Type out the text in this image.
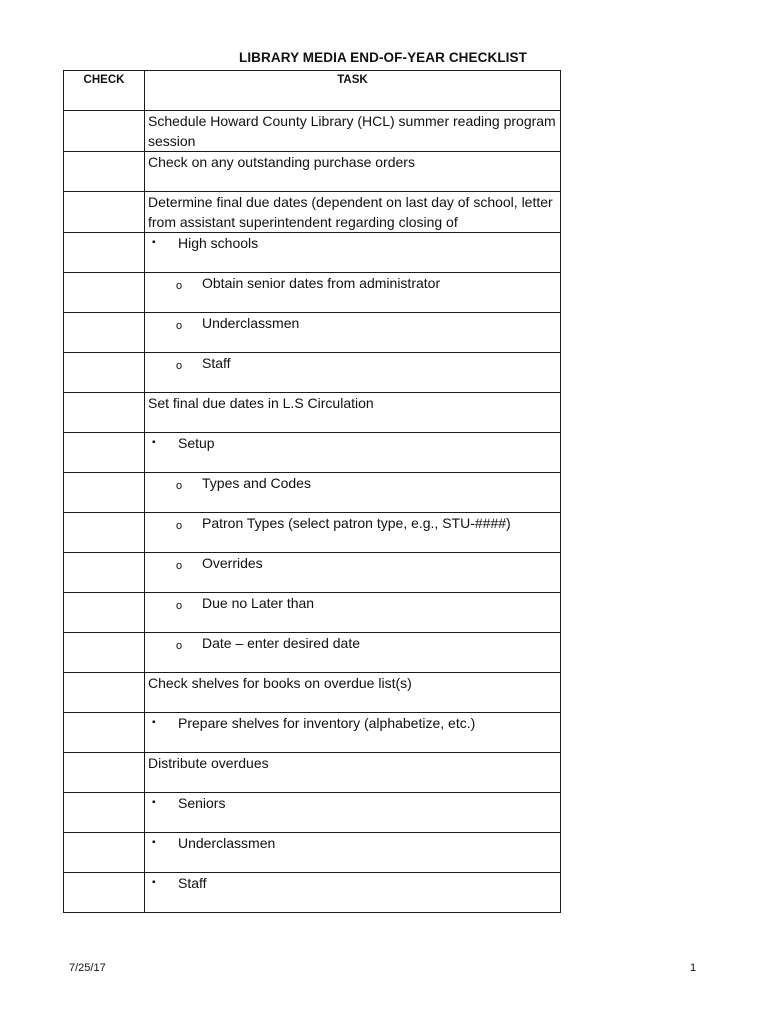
LIBRARY MEDIA END-OF-YEAR CHECKLIST
CHECK	TASK

	Schedule Howard County Library (HCL) summer reading program session

	Check on any outstanding purchase orders

	Determine final due dates (dependent on last day of school, letter from assistant superintendent regarding closing of

	▪ High schools

	o Obtain senior dates from administrator

	o Underclassmen

	o Staff

	Set final due dates in L.S Circulation

	▪ Setup

	o Types and Codes

	o Patron Types (select patron type, e.g., STU-####)

	o Overrides

	o Due no Later than

	o Date – enter desired date

	Check shelves for books on overdue list(s)

	▪ Prepare shelves for inventory (alphabetize, etc.)

	Distribute overdues

	▪ Seniors

	▪ Underclassmen

	▪ Staff
7/25/17	1
